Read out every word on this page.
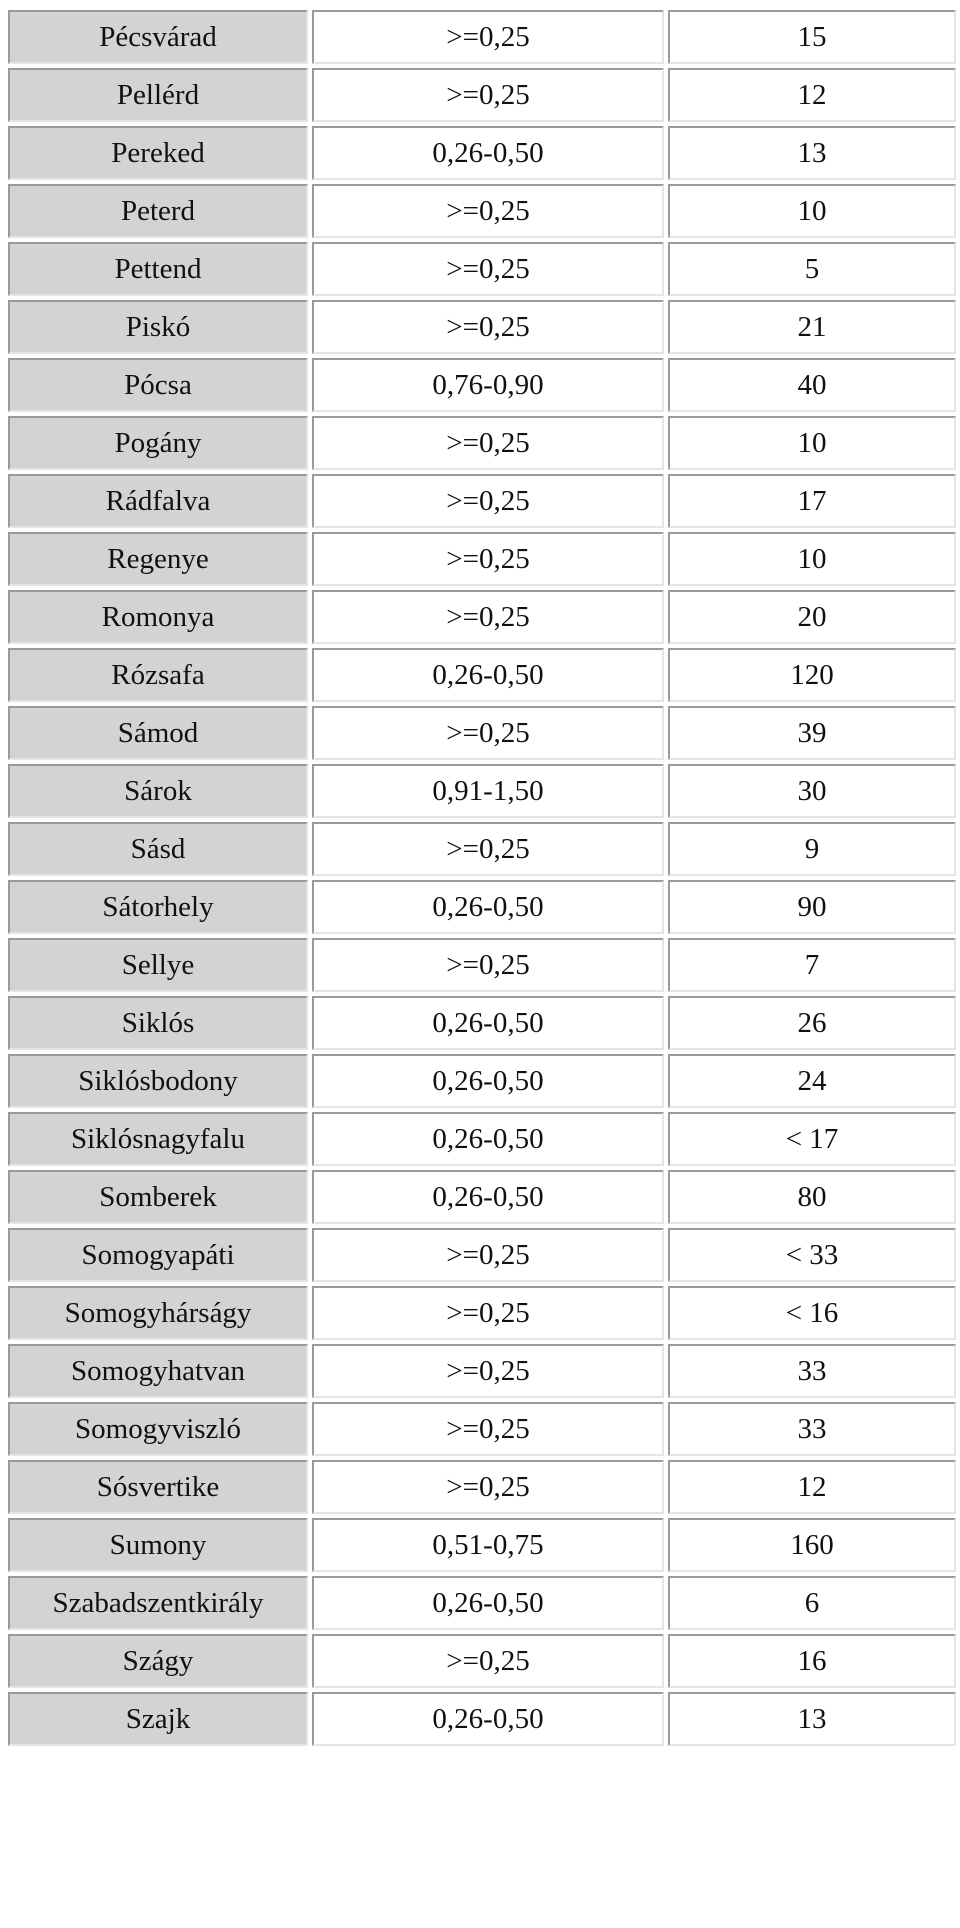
Pécsvárad	>=0,25	15
Pellérd	>=0,25	12
Pereked	0,26-0,50	13
Peterd	>=0,25	10
Pettend	>=0,25	5
Piskó	>=0,25	21
Pócsa	0,76-0,90	40
Pogány	>=0,25	10
Rádfalva	>=0,25	17
Regenye	>=0,25	10
Romonya	>=0,25	20
Rózsafa	0,26-0,50	120
Sámod	>=0,25	39
Sárok	0,91-1,50	30
Sásd	>=0,25	9
Sátorhely	0,26-0,50	90
Sellye	>=0,25	7
Siklós	0,26-0,50	26
Siklósbodony	0,26-0,50	24
Siklósnagyfalu	0,26-0,50	< 17
Somberek	0,26-0,50	80
Somogyapáti	>=0,25	< 33
Somogyhárságy	>=0,25	< 16
Somogyhatvan	>=0,25	33
Somogyviszló	>=0,25	33
Sósvertike	>=0,25	12
Sumony	0,51-0,75	160
Szabadszentkirály	0,26-0,50	6
Szágy	>=0,25	16
Szajk	0,26-0,50	13
